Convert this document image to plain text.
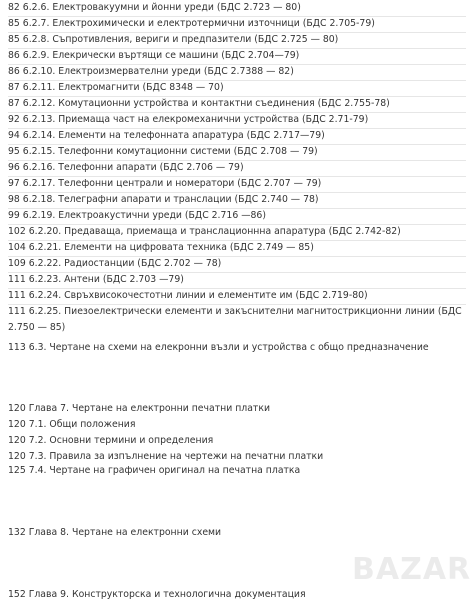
82 6.2.6. Електровакуумни и йонни уреди (БДС 2.723 — 80)
85 6.2.7. Електрохимически и електротермични източници (БДС 2.705-79)
85 6.2.8. Съпротивления, вериги и предпазители (БДС 2.725 — 80)
86 6.2.9. Елекрически въртящи се машини (БДС 2.704—79)
86 6.2.10. Електроизмервателни уреди (БДС 2.7388 — 82)
87 6.2.11. Електромагнити (БДС 8348 — 70)
87 6.2.12. Комутационни устройства и контактни съединения (БДС 2.755-78)
92 6.2.13. Приемаща част на елекромеханични устройства (БДС 2.71-79)
94 6.2.14. Елементи на телефонната апаратура (БДС 2.717—79)
95 6.2.15. Телефонни комутационни системи (БДС 2.708 — 79)
96 6.2.16. Телефонни апарати (БДС 2.706 — 79)
97 6.2.17. Телефонни централи и номератори (БДС 2.707 — 79)
98 6.2.18. Телеграфни апарати и транслации (БДС 2.740 — 78)
99 6.2.19. Електроакустични уреди (БДС 2.716 —86)
102 6.2.20. Предаваща, приемаща и транслационнна апаратура (БДС 2.742-82)
104 6.2.21. Елементи на цифровата техника (БДС 2.749 — 85)
109 6.2.22. Радиостанции (БДС 2.702 — 78)
111 6.2.23. Антени (БДС 2.703 —79)
111 6.2.24. Свръхвисокочестотни линии и елементите им (БДС 2.719-80)
111 6.2.25. Пиезоелектрически елементи и закъснителни магнитострикционни линии (БДС 2.750 — 85)
113 6.3. Чертане на схеми на елекронни възли и устройства с общо предназначение
120 Глава 7. Чертане на електронни печатни платки
120 7.1. Общи положения
120 7.2. Основни термини и определения
120 7.3. Правила за изпълнение на чертежи на печатни платки
125 7.4. Чертане на графичен оригинал на печатна платка
132 Глава 8. Чертане на електронни схеми
152 Глава 9. Конструкторска и технологична документация
BAZAR
